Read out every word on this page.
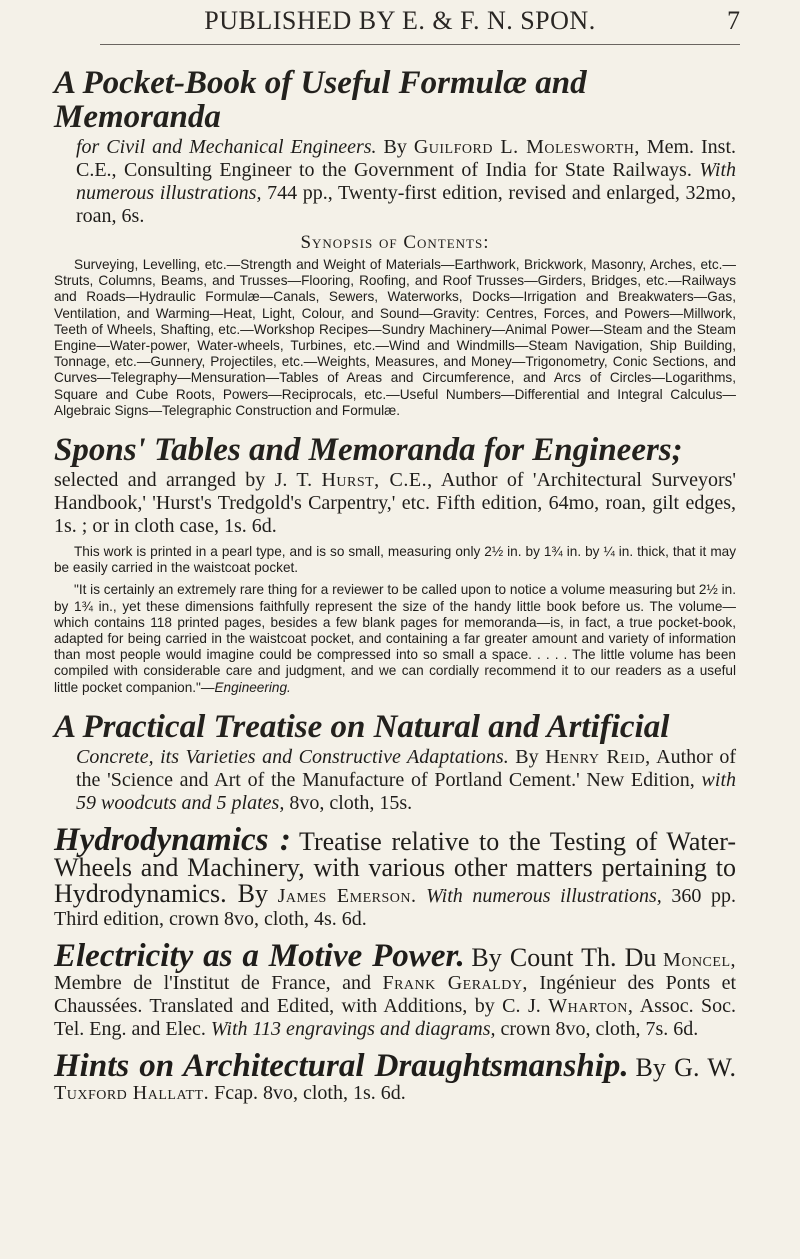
PUBLISHED BY E. & F. N. SPON.	7
A Pocket-Book of Useful Formulæ and Memoranda

for Civil and Mechanical Engineers. By Guilford L. Molesworth, Mem. Inst. C.E., Consulting Engineer to the Government of India for State Railways. With numerous illustrations, 744 pp., Twenty-first edition, revised and enlarged, 32mo, roan, 6s.

Synopsis of Contents:

Surveying, Levelling, etc.—Strength and Weight of Materials—Earthwork, Brickwork, Masonry, Arches, etc.—Struts, Columns, Beams, and Trusses—Flooring, Roofing, and Roof Trusses—Girders, Bridges, etc.—Railways and Roads—Hydraulic Formulæ—Canals, Sewers, Waterworks, Docks—Irrigation and Breakwaters—Gas, Ventilation, and Warming—Heat, Light, Colour, and Sound—Gravity: Centres, Forces, and Powers—Millwork, Teeth of Wheels, Shafting, etc.—Workshop Recipes—Sundry Machinery—Animal Power—Steam and the Steam Engine—Water-power, Water-wheels, Turbines, etc.—Wind and Windmills—Steam Navigation, Ship Building, Tonnage, etc.—Gunnery, Projectiles, etc.—Weights, Measures, and Money—Trigonometry, Conic Sections, and Curves—Telegraphy—Mensuration—Tables of Areas and Circumference, and Arcs of Circles—Logarithms, Square and Cube Roots, Powers—Reciprocals, etc.—Useful Numbers—Differential and Integral Calculus—Algebraic Signs—Telegraphic Construction and Formulæ.

Spons' Tables and Memoranda for Engineers;

selected and arranged by J. T. Hurst, C.E., Author of 'Architectural Surveyors' Handbook,' 'Hurst's Tredgold's Carpentry,' etc. Fifth edition, 64mo, roan, gilt edges, 1s. ; or in cloth case, 1s. 6d.

This work is printed in a pearl type, and is so small, measuring only 2½ in. by 1¾ in. by ¼ in. thick, that it may be easily carried in the waistcoat pocket.

"It is certainly an extremely rare thing for a reviewer to be called upon to notice a volume measuring but 2½ in. by 1¾ in., yet these dimensions faithfully represent the size of the handy little book before us. The volume—which contains 118 printed pages, besides a few blank pages for memoranda—is, in fact, a true pocket-book, adapted for being carried in the waistcoat pocket, and containing a far greater amount and variety of information than most people would imagine could be compressed into so small a space. . . . . The little volume has been compiled with considerable care and judgment, and we can cordially recommend it to our readers as a useful little pocket companion."—Engineering.

A Practical Treatise on Natural and Artificial

Concrete, its Varieties and Constructive Adaptations. By Henry Reid, Author of the 'Science and Art of the Manufacture of Portland Cement.' New Edition, with 59 woodcuts and 5 plates, 8vo, cloth, 15s.

Hydrodynamics : Treatise relative to the Testing of Water-Wheels and Machinery, with various other matters pertaining to Hydrodynamics. By James Emerson. With numerous illustrations, 360 pp. Third edition, crown 8vo, cloth, 4s. 6d.

Electricity as a Motive Power. By Count Th. Du Moncel, Membre de l'Institut de France, and Frank Geraldy, Ingénieur des Ponts et Chaussées. Translated and Edited, with Additions, by C. J. Wharton, Assoc. Soc. Tel. Eng. and Elec. With 113 engravings and diagrams, crown 8vo, cloth, 7s. 6d.

Hints on Architectural Draughtsmanship. By G. W. Tuxford Hallatt. Fcap. 8vo, cloth, 1s. 6d.
